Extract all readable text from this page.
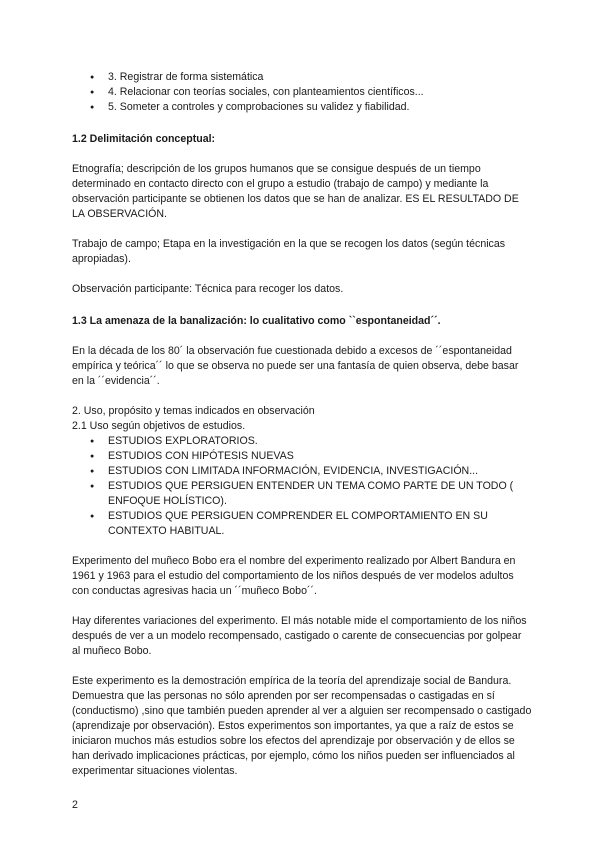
● 3. Registrar de forma sistemática
● 4. Relacionar con teorías sociales, con planteamientos científicos...
● 5. Someter a controles y comprobaciones su validez y fiabilidad.
1.2 Delimitación conceptual:

Etnografía; descripción de los grupos humanos que se consigue después de un tiempo determinado en contacto directo con el grupo a estudio (trabajo de campo) y mediante la observación participante se obtienen los datos que se han de analizar. ES EL RESULTADO DE LA OBSERVACIÓN.

Trabajo de campo; Etapa en la investigación en la que se recogen los datos (según técnicas apropiadas).

Observación participante: Técnica para recoger los datos.

1.3 La amenaza de la banalización: lo cualitativo como ``espontaneidad´´.

En la década de los 80´ la observación fue cuestionada debido a excesos de ´´espontaneidad empírica y teórica´´ lo que se observa no puede ser una fantasía de quien observa, debe basar en la ´´evidencia´´.

2. Uso, propósito y temas indicados en observación
2.1 Uso según objetivos de estudios.
● ESTUDIOS EXPLORATORIOS.
● ESTUDIOS CON HIPÓTESIS NUEVAS
● ESTUDIOS CON LIMITADA INFORMACIÓN, EVIDENCIA, INVESTIGACIÓN...
● ESTUDIOS QUE PERSIGUEN ENTENDER UN TEMA COMO PARTE DE UN TODO ( ENFOQUE HOLÍSTICO).
● ESTUDIOS QUE PERSIGUEN COMPRENDER EL COMPORTAMIENTO EN SU CONTEXTO HABITUAL.

Experimento del muñeco Bobo era el nombre del experimento realizado por Albert Bandura en 1961 y 1963 para el estudio del comportamiento de los niños después de ver modelos adultos con conductas agresivas hacia un ´´muñeco Bobo´´.

Hay diferentes variaciones del experimento. El más notable mide el comportamiento de los niños después de ver a un modelo recompensado, castigado o carente de consecuencias por golpear al muñeco Bobo.

Este experimento es la demostración empírica de la teoría del aprendizaje social de Bandura. Demuestra que las personas no sólo aprenden por ser recompensadas o castigadas en sí (conductismo) ,sino que también pueden aprender al ver a alguien ser recompensado o castigado (aprendizaje por observación). Estos experimentos son importantes, ya que a raíz de estos se iniciaron muchos más estudios sobre los efectos del aprendizaje por observación y de ellos se han derivado implicaciones prácticas, por ejemplo, cómo los niños pueden ser influenciados al experimentar situaciones violentas.

2
